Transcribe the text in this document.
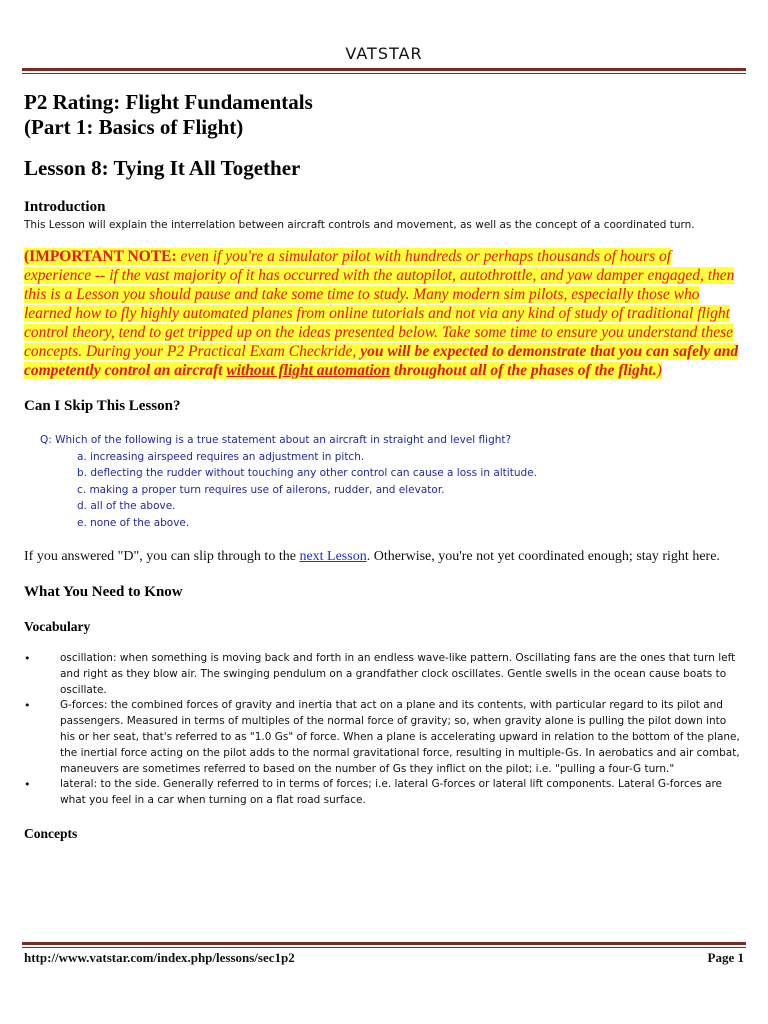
VATSTAR
P2 Rating: Flight Fundamentals
(Part 1: Basics of Flight)
Lesson 8: Tying It All Together
Introduction

This Lesson will explain the interrelation between aircraft controls and movement, as well as the concept of a coordinated turn.

(IMPORTANT NOTE: even if you're a simulator pilot with hundreds or perhaps thousands of hours of experience -- if the vast majority of it has occurred with the autopilot, autothrottle, and yaw damper engaged, then this is a Lesson you should pause and take some time to study. Many modern sim pilots, especially those who learned how to fly highly automated planes from online tutorials and not via any kind of study of traditional flight control theory, tend to get tripped up on the ideas presented below. Take some time to ensure you understand these concepts. During your P2 Practical Exam Checkride, you will be expected to demonstrate that you can safely and competently control an aircraft without flight automation throughout all of the phases of the flight.)
Can I Skip This Lesson?
Q: Which of the following is a true statement about an aircraft in straight and level flight?
a. increasing airspeed requires an adjustment in pitch.
b. deflecting the rudder without touching any other control can cause a loss in altitude.
c. making a proper turn requires use of ailerons, rudder, and elevator.
d. all of the above.
e. none of the above.

If you answered "D", you can slip through to the next Lesson. Otherwise, you're not yet coordinated enough; stay right here.

What You Need to Know
Vocabulary
•	oscillation: when something is moving back and forth in an endless wave-like pattern. Oscillating fans are the ones that turn left and right as they blow air. The swinging pendulum on a grandfather clock oscillates. Gentle swells in the ocean cause boats to oscillate.
•	G-forces: the combined forces of gravity and inertia that act on a plane and its contents, with particular regard to its pilot and passengers. Measured in terms of multiples of the normal force of gravity; so, when gravity alone is pulling the pilot down into his or her seat, that's referred to as "1.0 Gs" of force. When a plane is accelerating upward in relation to the bottom of the plane, the inertial force acting on the pilot adds to the normal gravitational force, resulting in multiple-Gs. In aerobatics and air combat, maneuvers are sometimes referred to based on the number of Gs they inflict on the pilot; i.e. "pulling a four-G turn."
•	lateral: to the side. Generally referred to in terms of forces; i.e. lateral G-forces or lateral lift components. Lateral G-forces are what you feel in a car when turning on a flat road surface.
Concepts
http://www.vatstar.com/index.php/lessons/sec1p2	Page 1
